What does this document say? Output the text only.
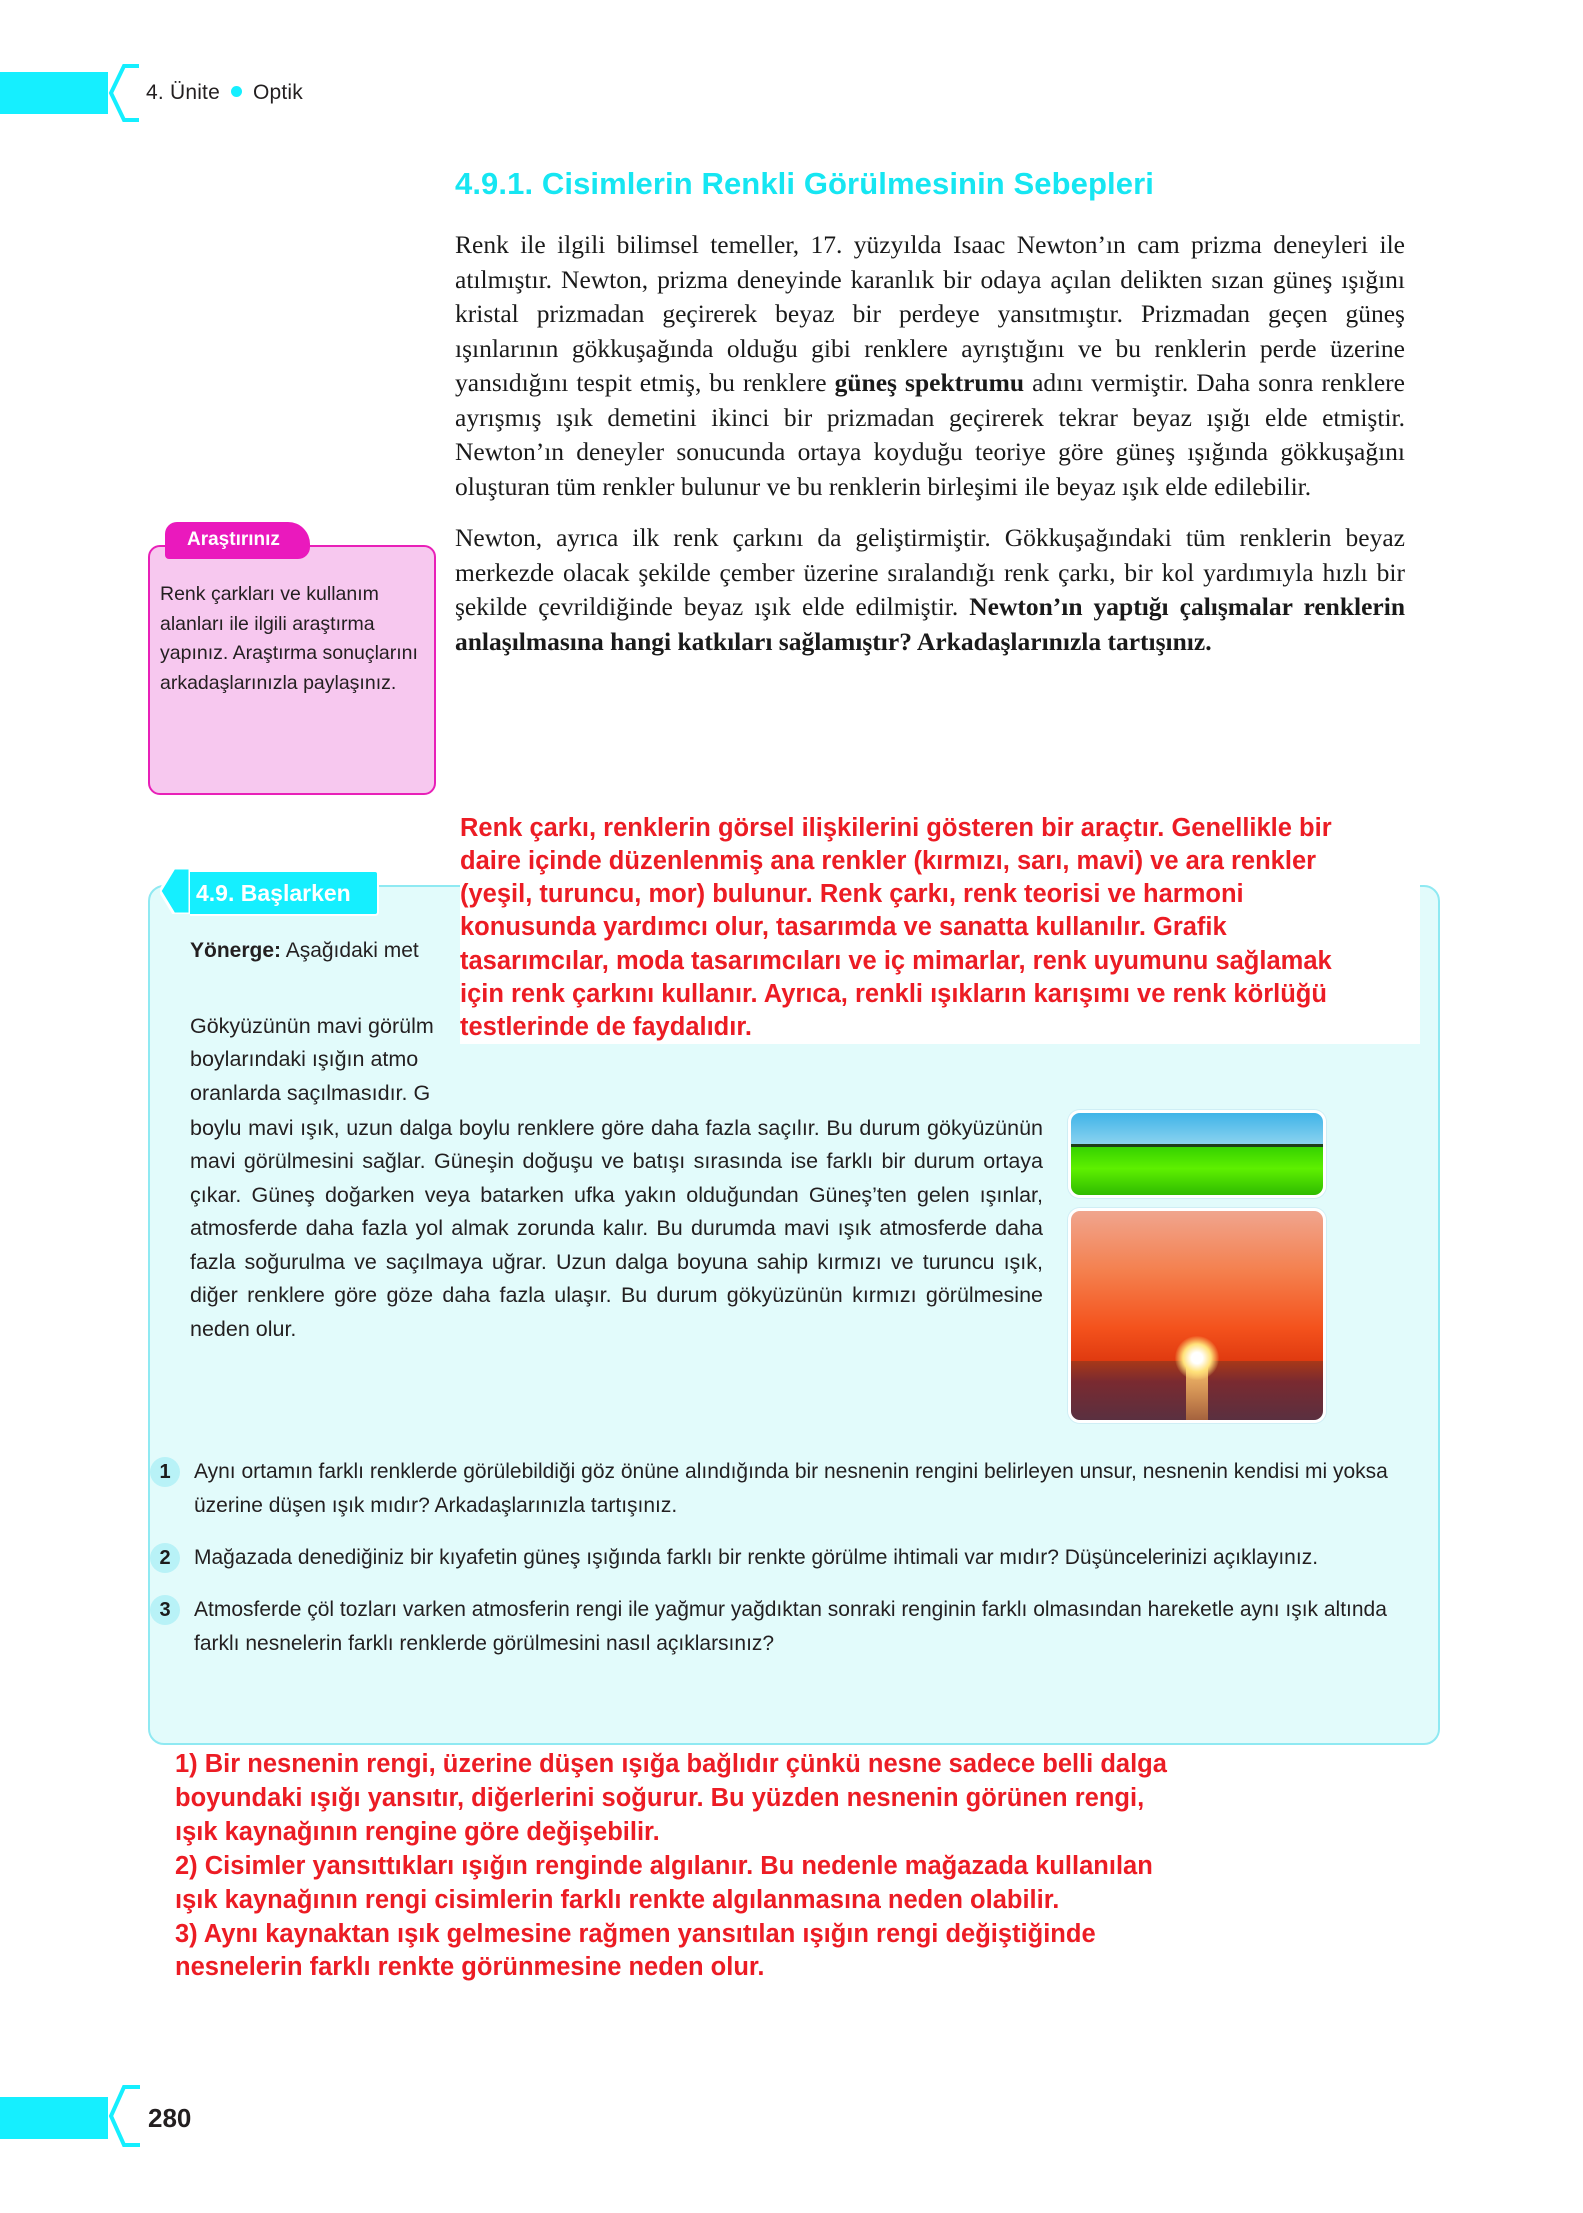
4. Ünite Optik
4.9.1. Cisimlerin Renkli Görülmesinin Sebepleri

Renk ile ilgili bilimsel temeller, 17. yüzyılda Isaac Newton’ın cam prizma deneyleri ile atılmıştır. Newton, prizma deneyinde karanlık bir odaya açılan delikten sızan güneş ışığını kristal prizmadan geçirerek beyaz bir perdeye yansıtmıştır. Prizmadan geçen güneş ışınlarının gökkuşağında olduğu gibi renklere ayrıştığını ve bu renklerin perde üzerine yansıdığını tespit etmiş, bu renklere güneş spektrumu adını vermiştir. Daha sonra renklere ayrışmış ışık demetini ikinci bir prizmadan geçirerek tekrar beyaz ışığı elde etmiştir. Newton’ın deneyler sonucunda ortaya koyduğu teoriye göre güneş ışığında gökkuşağını oluşturan tüm renkler bulunur ve bu renklerin birleşimi ile beyaz ışık elde edilebilir.

Newton, ayrıca ilk renk çarkını da geliştirmiştir. Gökkuşağındaki tüm renklerin beyaz merkezde olacak şekilde çember üzerine sıralandığı renk çarkı, bir kol yardımıyla hızlı bir şekilde çevrildiğinde beyaz ışık elde edilmiştir. Newton’ın yaptığı çalışmalar renklerin anlaşılmasına hangi katkıları sağlamıştır? Arkadaşlarınızla tartışınız.

Araştırınız
Renk çarkları ve kullanım alanları ile ilgili araştırma yapınız. Araştırma sonuçlarını arkadaşlarınızla paylaşınız.
4.9. Başlarken
Yönerge: Aşağıdaki met

Gökyüzünün mavi görülm

boylarındaki ışığın atmo

oranlarda saçılmasıdır. G

boylu mavi ışık, uzun dalga boylu renklere göre daha fazla saçılır. Bu durum gökyüzünün mavi görülmesini sağlar. Güneşin doğuşu ve batışı sırasında ise farklı bir durum ortaya çıkar. Güneş doğarken veya batarken ufka yakın olduğundan Güneş’ten gelen ışınlar, atmosferde daha fazla yol almak zorunda kalır. Bu durumda mavi ışık atmosferde daha fazla soğurulma ve saçılmaya uğrar. Uzun dalga boyuna sahip kırmızı ve turuncu ışık, diğer renklere göre göze daha fazla ulaşır. Bu durum gökyüzünün kırmızı görülmesine neden olur.

1	Aynı ortamın farklı renklerde görülebildiği göz önüne alındığında bir nesnenin rengini belirleyen unsur, nesnenin kendisi mi yoksa üzerine düşen ışık mıdır? Arkadaşlarınızla tartışınız.
2	Mağazada denediğiniz bir kıyafetin güneş ışığında farklı bir renkte görülme ihtimali var mıdır? Düşüncelerinizi açıklayınız.
3	Atmosferde çöl tozları varken atmosferin rengi ile yağmur yağdıktan sonraki renginin farklı olmasından hareketle aynı ışık altında farklı nesnelerin farklı renklerde görülmesini nasıl açıklarsınız?
Renk çarkı, renklerin görsel ilişkilerini gösteren bir araçtır. Genellikle bir
daire içinde düzenlenmiş ana renkler (kırmızı, sarı, mavi) ve ara renkler
(yeşil, turuncu, mor) bulunur. Renk çarkı, renk teorisi ve harmoni
konusunda yardımcı olur, tasarımda ve sanatta kullanılır. Grafik
tasarımcılar, moda tasarımcıları ve iç mimarlar, renk uyumunu sağlamak
için renk çarkını kullanır. Ayrıca, renkli ışıkların karışımı ve renk körlüğü
testlerinde de faydalıdır.
1) Bir nesnenin rengi, üzerine düşen ışığa bağlıdır çünkü nesne sadece belli dalga
boyundaki ışığı yansıtır, diğerlerini soğurur. Bu yüzden nesnenin görünen rengi,
ışık kaynağının rengine göre değişebilir.
2) Cisimler yansıttıkları ışığın renginde algılanır. Bu nedenle mağazada kullanılan
ışık kaynağının rengi cisimlerin farklı renkte algılanmasına neden olabilir.
3) Aynı kaynaktan ışık gelmesine rağmen yansıtılan ışığın rengi değiştiğinde
nesnelerin farklı renkte görünmesine neden olur.
280
